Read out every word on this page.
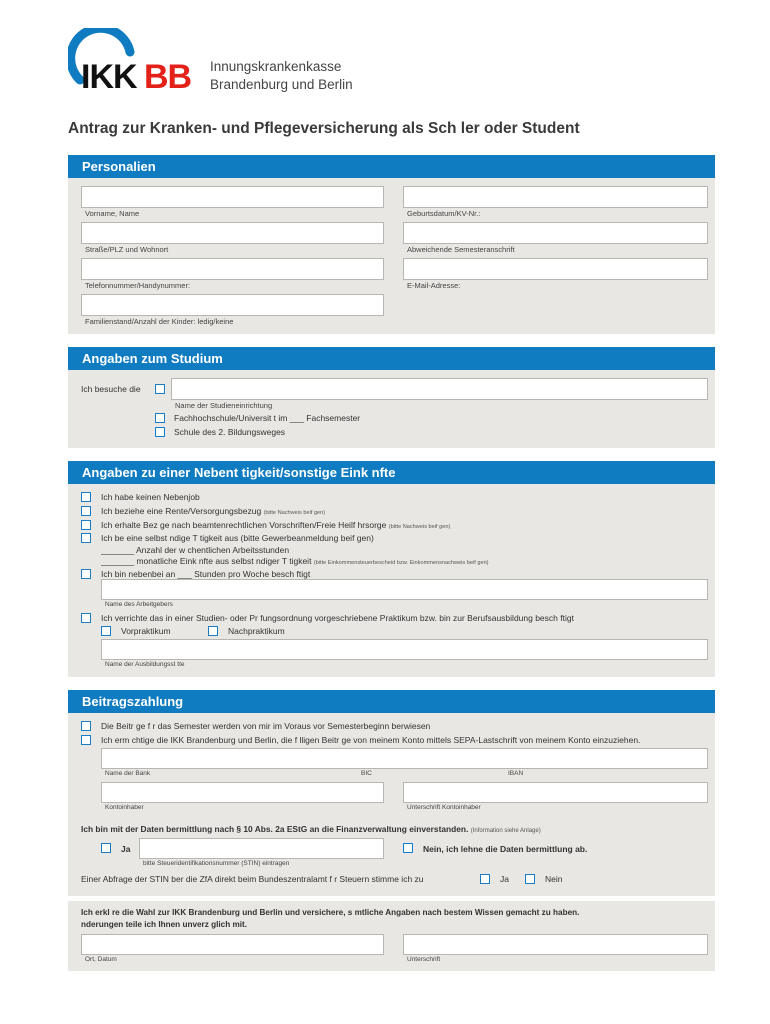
IKK BB Innungskrankenkasse
Brandenburg und Berlin
Antrag zur Kranken- und Pflegeversicherung als Sch ler oder Student
Personalien
Vorname, Name	Geburtsdatum/KV-Nr.:
Straße/PLZ und Wohnort	Abweichende Semesteranschrift
Telefonnummer/Handynummer:	E-Mail-Adresse:
Familienstand/Anzahl der Kinder: ledig/keine
Angaben zum Studium
Ich besuche die
Name der Studieneinrichtung
Fachhochschule/Universit t im ___ Fachsemester
Schule des 2. Bildungsweges
Angaben zu einer Nebent tigkeit/sonstige Eink nfte
Ich habe keinen Nebenjob
Ich beziehe eine Rente/Versorgungsbezug (bitte Nachweis beif gen)
Ich erhalte Bez ge nach beamtenrechtlichen Vorschriften/Freie Heilf hrsorge (bitte Nachweis beif gen)
Ich be eine selbst ndige T tigkeit aus (bitte Gewerbeanmeldung beif gen)
_______ Anzahl der w chentlichen Arbeitsstunden
_______ monatliche Eink nfte aus selbst ndiger T tigkeit (bitte Einkommensteuerbescheid bzw. Einkommensnachweis beif gen)
Ich bin nebenbei an ___ Stunden pro Woche besch ftigt
Name des Arbeitgebers
Ich verrichte das in einer Studien- oder Pr fungsordnung vorgeschriebene Praktikum bzw. bin zur Berufsausbildung besch ftigt
Vorpraktikum	Nachpraktikum
Name der Ausbildungsst tte
Beitragszahlung
Die Beitr ge f r das Semester werden von mir im Voraus vor Semesterbeginn berwiesen
Ich erm chtige die IKK Brandenburg und Berlin, die f lligen Beitr ge von meinem Konto mittels SEPA-Lastschrift von meinem Konto einzuziehen.
Name der Bank	BIC	IBAN
Kontoinhaber	Unterschrift Kontoinhaber
Ich bin mit der Daten bermittlung nach § 10 Abs. 2a EStG an die Finanzverwaltung einverstanden. (Information siehe Anlage)
Ja
bitte Steueridentifikationsnummer (STIN) eintragen
Nein, ich lehne die Daten bermittlung ab.
Einer Abfrage der STIN ber die ZfA direkt beim Bundeszentralamt f r Steuern stimme ich zu	Ja	Nein
Ich erkl re die Wahl zur IKK Brandenburg und Berlin und versichere, s mtliche Angaben nach bestem Wissen gemacht zu haben.
nderungen teile ich Ihnen unverz glich mit.
Ort, Datum	Unterschrift
